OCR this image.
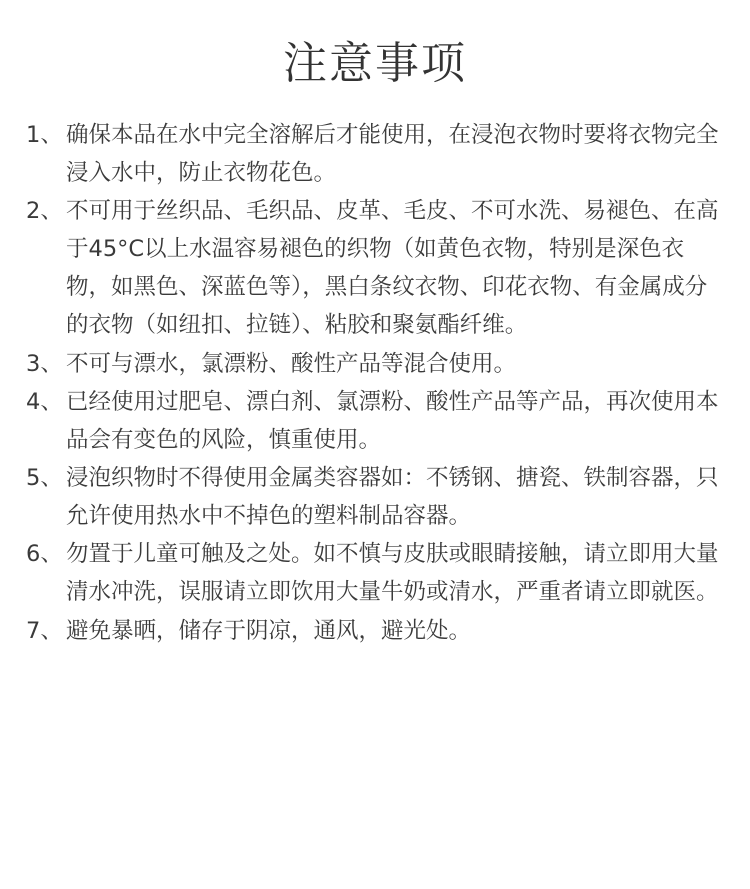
注意事项
1、 确保本品在水中完全溶解后才能使用，在浸泡衣物时要将衣物完全浸入水中，防止衣物花色。
2、 不可用于丝织品、毛织品、皮革、毛皮、不可水洗、易褪色、在高于45°C以上水温容易褪色的织物（如黄色衣物，特别是深色衣物，如黑色、深蓝色等），黑白条纹衣物、印花衣物、有金属成分的衣物（如纽扣、拉链）、粘胶和聚氨酯纤维。
3、 不可与漂水，氯漂粉、酸性产品等混合使用。
4、 已经使用过肥皂、漂白剂、氯漂粉、酸性产品等产品，再次使用本品会有变色的风险，慎重使用。
5、 浸泡织物时不得使用金属类容器如：不锈钢、搪瓷、铁制容器，只允许使用热水中不掉色的塑料制品容器。
6、 勿置于儿童可触及之处。如不慎与皮肤或眼睛接触，请立即用大量清水冲洗，误服请立即饮用大量牛奶或清水，严重者请立即就医。
7、 避免暴晒，储存于阴凉，通风，避光处。
